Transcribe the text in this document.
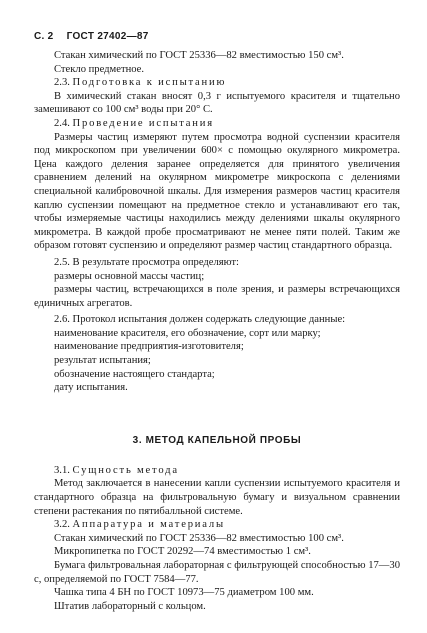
С. 2 ГОСТ 27402—87

Стакан химический по ГОСТ 25336—82 вместимостью 150 см³.

Стекло предметное.

2.3. Подготовка к испытанию

В химический стакан вносят 0,3 г испытуемого красителя и тщательно замешивают со 100 см³ воды при 20° С.

2.4. Проведение испытания

Размеры частиц измеряют путем просмотра водной суспензии красителя под микроскопом при увеличении 600× с помощью окулярного микрометра. Цена каждого деления заранее определяется для принятого увеличения сравнением делений на окулярном микрометре микроскопа с делениями специальной калибровочной шкалы. Для измерения размеров частиц красителя каплю суспензии помещают на предметное стекло и устанавливают его так, чтобы измеряемые частицы находились между делениями шкалы окулярного микрометра. В каждой пробе просматривают не менее пяти полей. Таким же образом готовят суспензию и определяют размер частиц стандартного образца.

2.5. В результате просмотра определяют:

размеры основной массы частиц;

размеры частиц, встречающихся в поле зрения, и размеры встречающихся единичных агрегатов.

2.6. Протокол испытания должен содержать следующие данные:

наименование красителя, его обозначение, сорт или марку;

наименование предприятия-изготовителя;

результат испытания;

обозначение настоящего стандарта;

дату испытания.

3. МЕТОД КАПЕЛЬНОЙ ПРОБЫ

3.1. Сущность метода

Метод заключается в нанесении капли суспензии испытуемого красителя и стандартного образца на фильтровальную бумагу и визуальном сравнении степени растекания по пятибалльной системе.

3.2. Аппаратура и материалы

Стакан химический по ГОСТ 25336—82 вместимостью 100 см³.

Микропипетка по ГОСТ 20292—74 вместимостью 1 см³.

Бумага фильтровальная лабораторная с фильтрующей способностью 17—30 с, определяемой по ГОСТ 7584—77.

Чашка типа 4 БН по ГОСТ 10973—75 диаметром 100 мм.

Штатив лабораторный с кольцом.
